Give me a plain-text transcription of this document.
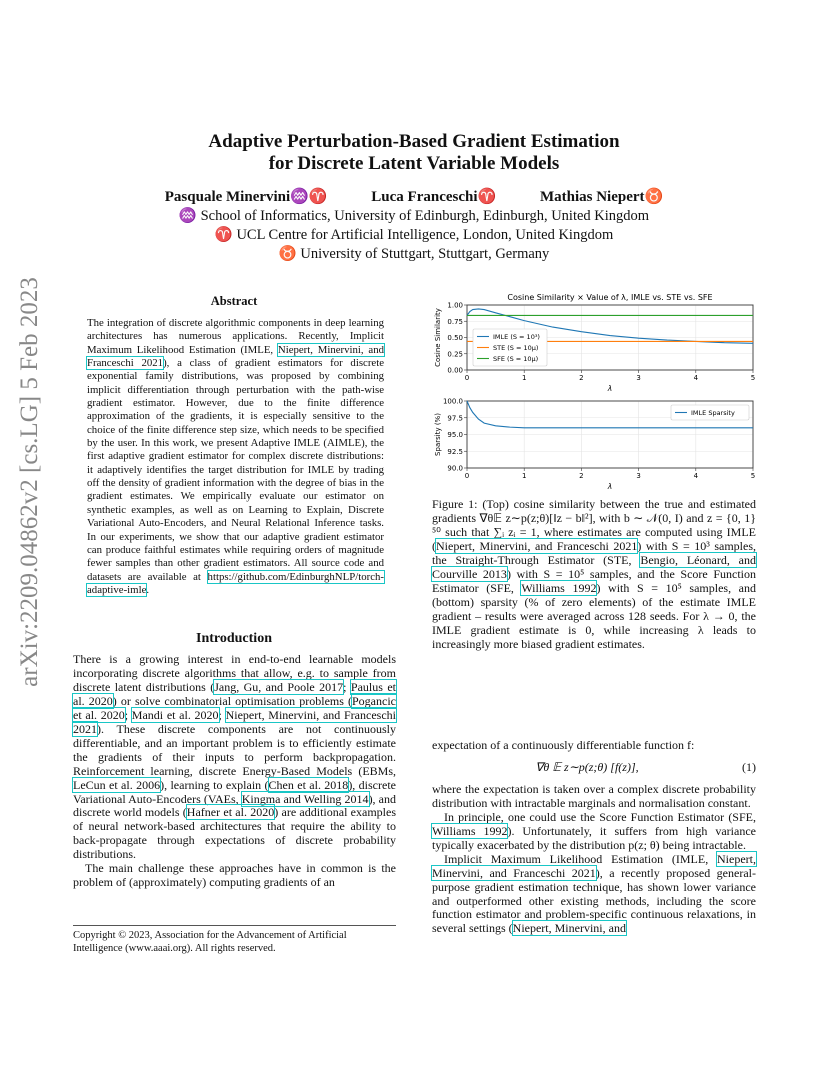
arXiv:2209.04862v2 [cs.LG] 5 Feb 2023
Adaptive Perturbation-Based Gradient Estimation
for Discrete Latent Variable Models
Pasquale Minervini♒♈	Luca Franceschi♈	Mathias Niepert♉
♒ School of Informatics, University of Edinburgh, Edinburgh, United Kingdom
♈ UCL Centre for Artificial Intelligence, London, United Kingdom
♉ University of Stuttgart, Stuttgart, Germany
Abstract
The integration of discrete algorithmic components in deep learning architectures has numerous applications. Recently, Implicit Maximum Likelihood Estimation (IMLE, Niepert, Minervini, and Franceschi 2021), a class of gradient estimators for discrete exponential family distributions, was proposed by combining implicit differentiation through perturbation with the path-wise gradient estimator. However, due to the finite difference approximation of the gradients, it is especially sensitive to the choice of the finite difference step size, which needs to be specified by the user. In this work, we present Adaptive IMLE (AIMLE), the first adaptive gradient estimator for complex discrete distributions: it adaptively identifies the target distribution for IMLE by trading off the density of gradient information with the degree of bias in the gradient estimates. We empirically evaluate our estimator on synthetic examples, as well as on Learning to Explain, Discrete Variational Auto-Encoders, and Neural Relational Inference tasks. In our experiments, we show that our adaptive gradient estimator can produce faithful estimates while requiring orders of magnitude fewer samples than other gradient estimators. All source code and datasets are available at https://github.com/EdinburghNLP/torch-adaptive-imle.
Introduction

There is a growing interest in end-to-end learnable models incorporating discrete algorithms that allow, e.g. to sample from discrete latent distributions (Jang, Gu, and Poole 2017; Paulus et al. 2020) or solve combinatorial optimisation problems (Pogancic et al. 2020; Mandi et al. 2020; Niepert, Minervini, and Franceschi 2021). These discrete components are not continuously differentiable, and an important problem is to efficiently estimate the gradients of their inputs to perform backpropagation. Reinforcement learning, discrete Energy-Based Models (EBMs, LeCun et al. 2006), learning to explain (Chen et al. 2018), discrete Variational Auto-Encoders (VAEs, Kingma and Welling 2014), and discrete world models (Hafner et al. 2020) are additional examples of neural network-based architectures that require the ability to back-propagate through expectations of discrete probability distributions.

The main challenge these approaches have in common is the problem of (approximately) computing gradients of an

Copyright © 2023, Association for the Advancement of Artificial Intelligence (www.aaai.org). All rights reserved.
0	1	2	3	4	5
0.00
0.25
0.50
0.75
1.00
Cosine Similarity × Value of λ, IMLE vs. STE vs. SFE
λ
Cosine Similarity	IMLE (S = 10³)
STE (S = 10µ)
SFE (S = 10µ)
0	1	2	3	4	5
90.0
92.5
95.0
97.5
100.0
λ
Sparsity (%)
IMLE Sparsity
Figure 1: (Top) cosine similarity between the true and estimated gradients ∇θ𝔼 z∼p(z;θ)[‖z − b‖²], with b ∼ 𝒩(0, I) and z = {0, 1}⁵⁰ such that ∑ᵢ zᵢ = 1, where estimates are computed using IMLE (Niepert, Minervini, and Franceschi 2021) with S = 10³ samples, the Straight-Through Estimator (STE, Bengio, Léonard, and Courville 2013) with S = 10⁵ samples, and the Score Function Estimator (SFE, Williams 1992) with S = 10⁵ samples, and (bottom) sparsity (% of zero elements) of the estimate IMLE gradient – results were averaged across 128 seeds. For λ → 0, the IMLE gradient estimate is 0, while increasing λ leads to increasingly more biased gradient estimates.

expectation of a continuously differentiable function f:

∇θ 𝔼 z∼p(z;θ) [f(z)],	(1)

where the expectation is taken over a complex discrete probability distribution with intractable marginals and normalisation constant.

In principle, one could use the Score Function Estimator (SFE, Williams 1992). Unfortunately, it suffers from high variance typically exacerbated by the distribution p(z; θ) being intractable.

Implicit Maximum Likelihood Estimation (IMLE, Niepert, Minervini, and Franceschi 2021), a recently proposed general-purpose gradient estimation technique, has shown lower variance and outperformed other existing methods, including the score function estimator and problem-specific continuous relaxations, in several settings (Niepert, Minervini, and
